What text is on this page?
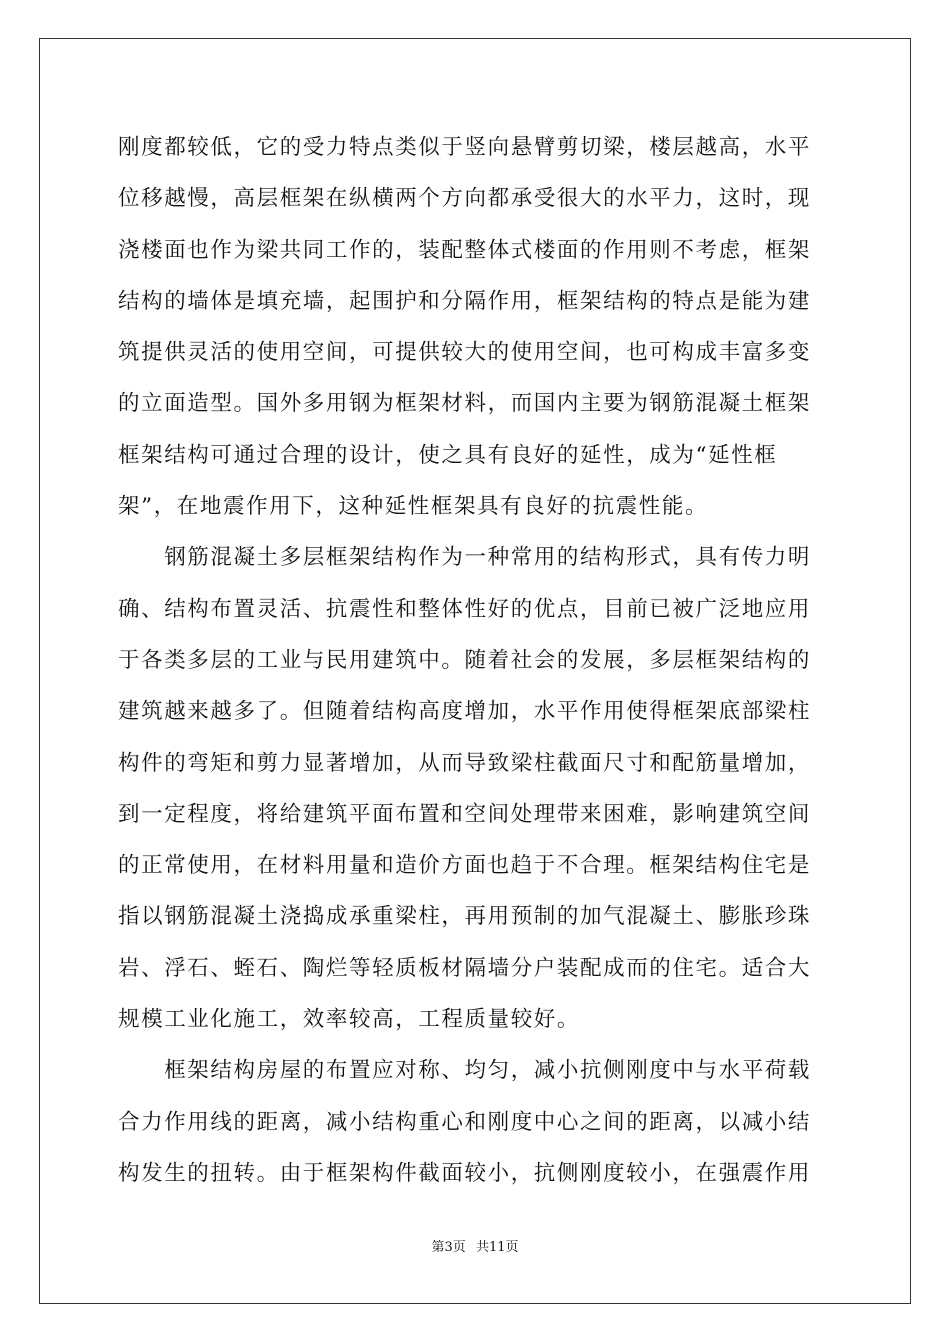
刚度都较低，它的受力特点类似于竖向悬臂剪切梁，楼层越高，水平
位移越慢，高层框架在纵横两个方向都承受很大的水平力，这时，现
浇楼面也作为梁共同工作的，装配整体式楼面的作用则不考虑，框架
结构的墙体是填充墙，起围护和分隔作用，框架结构的特点是能为建
筑提供灵活的使用空间，可提供较大的使用空间，也可构成丰富多变
的立面造型。国外多用钢为框架材料，而国内主要为钢筋混凝土框架
框架结构可通过合理的设计，使之具有良好的延性，成为“延性框
架”，在地震作用下，这种延性框架具有良好的抗震性能。
　　钢筋混凝土多层框架结构作为一种常用的结构形式，具有传力明
确、结构布置灵活、抗震性和整体性好的优点，目前已被广泛地应用
于各类多层的工业与民用建筑中。随着社会的发展，多层框架结构的
建筑越来越多了。但随着结构高度增加，水平作用使得框架底部梁柱
构件的弯矩和剪力显著增加，从而导致梁柱截面尺寸和配筋量增加，
到一定程度，将给建筑平面布置和空间处理带来困难，影响建筑空间
的正常使用，在材料用量和造价方面也趋于不合理。框架结构住宅是
指以钢筋混凝土浇捣成承重梁柱，再用预制的加气混凝土、膨胀珍珠
岩、浮石、蛭石、陶烂等轻质板材隔墙分户装配成而的住宅。适合大
规模工业化施工，效率较高，工程质量较好。
　　框架结构房屋的布置应对称、均匀，减小抗侧刚度中与水平荷载
合力作用线的距离，减小结构重心和刚度中心之间的距离，以减小结
构发生的扭转。由于框架构件截面较小，抗侧刚度较小，在强震作用
第3页 共11页
